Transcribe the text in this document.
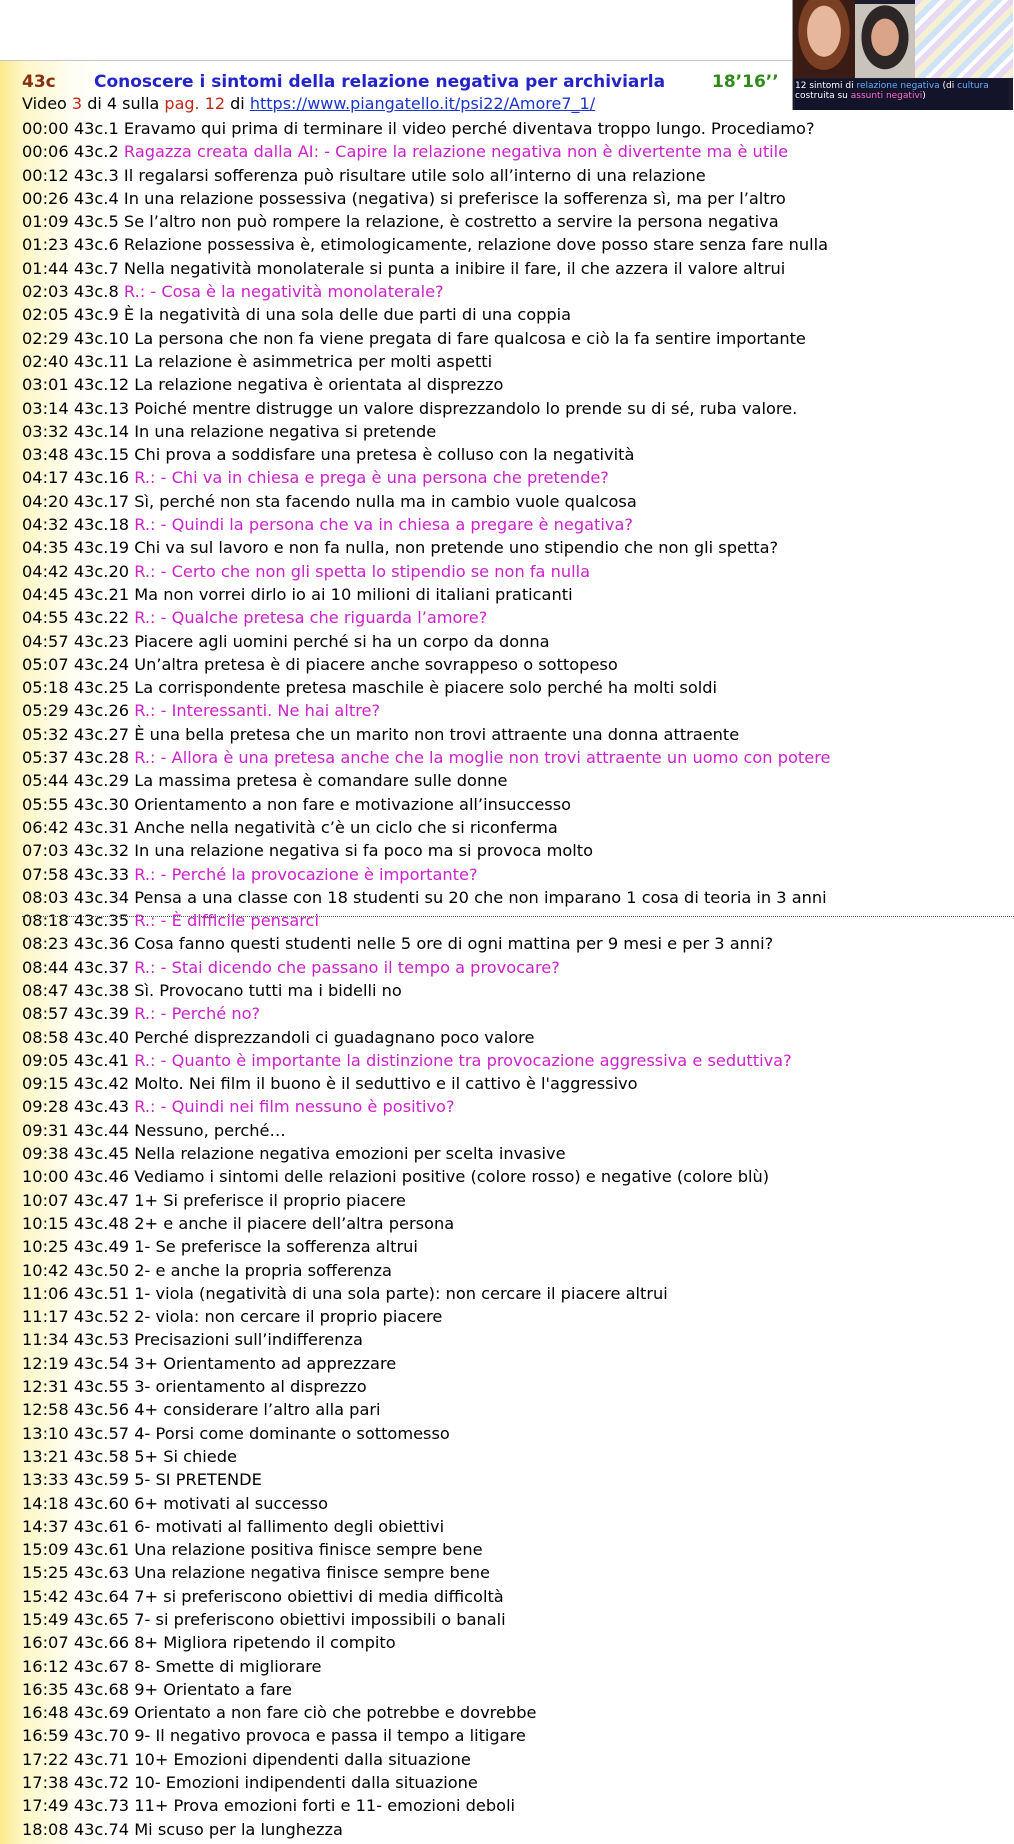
12 sintomi di relazione negativa (di cultura costruita su assunti negativi)
43c Conoscere i sintomi della relazione negativa per archiviarla	18’16’’
Video 3 di 4 sulla pag. 12 di https://www.piangatello.it/psi22/Amore7_1/
00:00 43c.1 Eravamo qui prima di terminare il video perché diventava troppo lungo. Procediamo?
00:06 43c.2 Ragazza creata dalla AI: - Capire la relazione negativa non è divertente ma è utile
00:12 43c.3 Il regalarsi sofferenza può risultare utile solo all’interno di una relazione
00:26 43c.4 In una relazione possessiva (negativa) si preferisce la sofferenza sì, ma per l’altro
01:09 43c.5 Se l’altro non può rompere la relazione, è costretto a servire la persona negativa
01:23 43c.6 Relazione possessiva è, etimologicamente, relazione dove posso stare senza fare nulla
01:44 43c.7 Nella negatività monolaterale si punta a inibire il fare, il che azzera il valore altrui
02:03 43c.8 R.: - Cosa è la negatività monolaterale?
02:05 43c.9 È la negatività di una sola delle due parti di una coppia
02:29 43c.10 La persona che non fa viene pregata di fare qualcosa e ciò la fa sentire importante
02:40 43c.11 La relazione è asimmetrica per molti aspetti
03:01 43c.12 La relazione negativa è orientata al disprezzo
03:14 43c.13 Poiché mentre distrugge un valore disprezzandolo lo prende su di sé, ruba valore.
03:32 43c.14 In una relazione negativa si pretende
03:48 43c.15 Chi prova a soddisfare una pretesa è colluso con la negatività
04:17 43c.16 R.: - Chi va in chiesa e prega è una persona che pretende?
04:20 43c.17 Sì, perché non sta facendo nulla ma in cambio vuole qualcosa
04:32 43c.18 R.: - Quindi la persona che va in chiesa a pregare è negativa?
04:35 43c.19 Chi va sul lavoro e non fa nulla, non pretende uno stipendio che non gli spetta?
04:42 43c.20 R.: - Certo che non gli spetta lo stipendio se non fa nulla
04:45 43c.21 Ma non vorrei dirlo io ai 10 milioni di italiani praticanti
04:55 43c.22 R.: - Qualche pretesa che riguarda l’amore?
04:57 43c.23 Piacere agli uomini perché si ha un corpo da donna
05:07 43c.24 Un’altra pretesa è di piacere anche sovrappeso o sottopeso
05:18 43c.25 La corrispondente pretesa maschile è piacere solo perché ha molti soldi
05:29 43c.26 R.: - Interessanti. Ne hai altre?
05:32 43c.27 È una bella pretesa che un marito non trovi attraente una donna attraente
05:37 43c.28 R.: - Allora è una pretesa anche che la moglie non trovi attraente un uomo con potere
05:44 43c.29 La massima pretesa è comandare sulle donne
05:55 43c.30 Orientamento a non fare e motivazione all’insuccesso
06:42 43c.31 Anche nella negatività c’è un ciclo che si riconferma
07:03 43c.32 In una relazione negativa si fa poco ma si provoca molto
07:58 43c.33 R.: - Perché la provocazione è importante?
08:03 43c.34 Pensa a una classe con 18 studenti su 20 che non imparano 1 cosa di teoria in 3 anni
08:18 43c.35 R.: - È difficile pensarci
08:23 43c.36 Cosa fanno questi studenti nelle 5 ore di ogni mattina per 9 mesi e per 3 anni?
08:44 43c.37 R.: - Stai dicendo che passano il tempo a provocare?
08:47 43c.38 Sì. Provocano tutti ma i bidelli no
08:57 43c.39 R.: - Perché no?
08:58 43c.40 Perché disprezzandoli ci guadagnano poco valore
09:05 43c.41 R.: - Quanto è importante la distinzione tra provocazione aggressiva e seduttiva?
09:15 43c.42 Molto. Nei film il buono è il seduttivo e il cattivo è l'aggressivo
09:28 43c.43 R.: - Quindi nei film nessuno è positivo?
09:31 43c.44 Nessuno, perché…
09:38 43c.45 Nella relazione negativa emozioni per scelta invasive
10:00 43c.46 Vediamo i sintomi delle relazioni positive (colore rosso) e negative (colore blù)
10:07 43c.47 1+ Si preferisce il proprio piacere
10:15 43c.48 2+ e anche il piacere dell’altra persona
10:25 43c.49 1- Se preferisce la sofferenza altrui
10:42 43c.50 2- e anche la propria sofferenza
11:06 43c.51 1- viola (negatività di una sola parte): non cercare il piacere altrui
11:17 43c.52 2- viola: non cercare il proprio piacere
11:34 43c.53 Precisazioni sull’indifferenza
12:19 43c.54 3+ Orientamento ad apprezzare
12:31 43c.55 3- orientamento al disprezzo
12:58 43c.56 4+ considerare l’altro alla pari
13:10 43c.57 4- Porsi come dominante o sottomesso
13:21 43c.58 5+ Si chiede
13:33 43c.59 5- SI PRETENDE
14:18 43c.60 6+ motivati al successo
14:37 43c.61 6- motivati al fallimento degli obiettivi
15:09 43c.61 Una relazione positiva finisce sempre bene
15:25 43c.63 Una relazione negativa finisce sempre bene
15:42 43c.64 7+ si preferiscono obiettivi di media difficoltà
15:49 43c.65 7- si preferiscono obiettivi impossibili o banali
16:07 43c.66 8+ Migliora ripetendo il compito
16:12 43c.67 8- Smette di migliorare
16:35 43c.68 9+ Orientato a fare
16:48 43c.69 Orientato a non fare ciò che potrebbe e dovrebbe
16:59 43c.70 9- Il negativo provoca e passa il tempo a litigare
17:22 43c.71 10+ Emozioni dipendenti dalla situazione
17:38 43c.72 10- Emozioni indipendenti dalla situazione
17:49 43c.73 11+ Prova emozioni forti e 11- emozioni deboli
18:08 43c.74 Mi scuso per la lunghezza
